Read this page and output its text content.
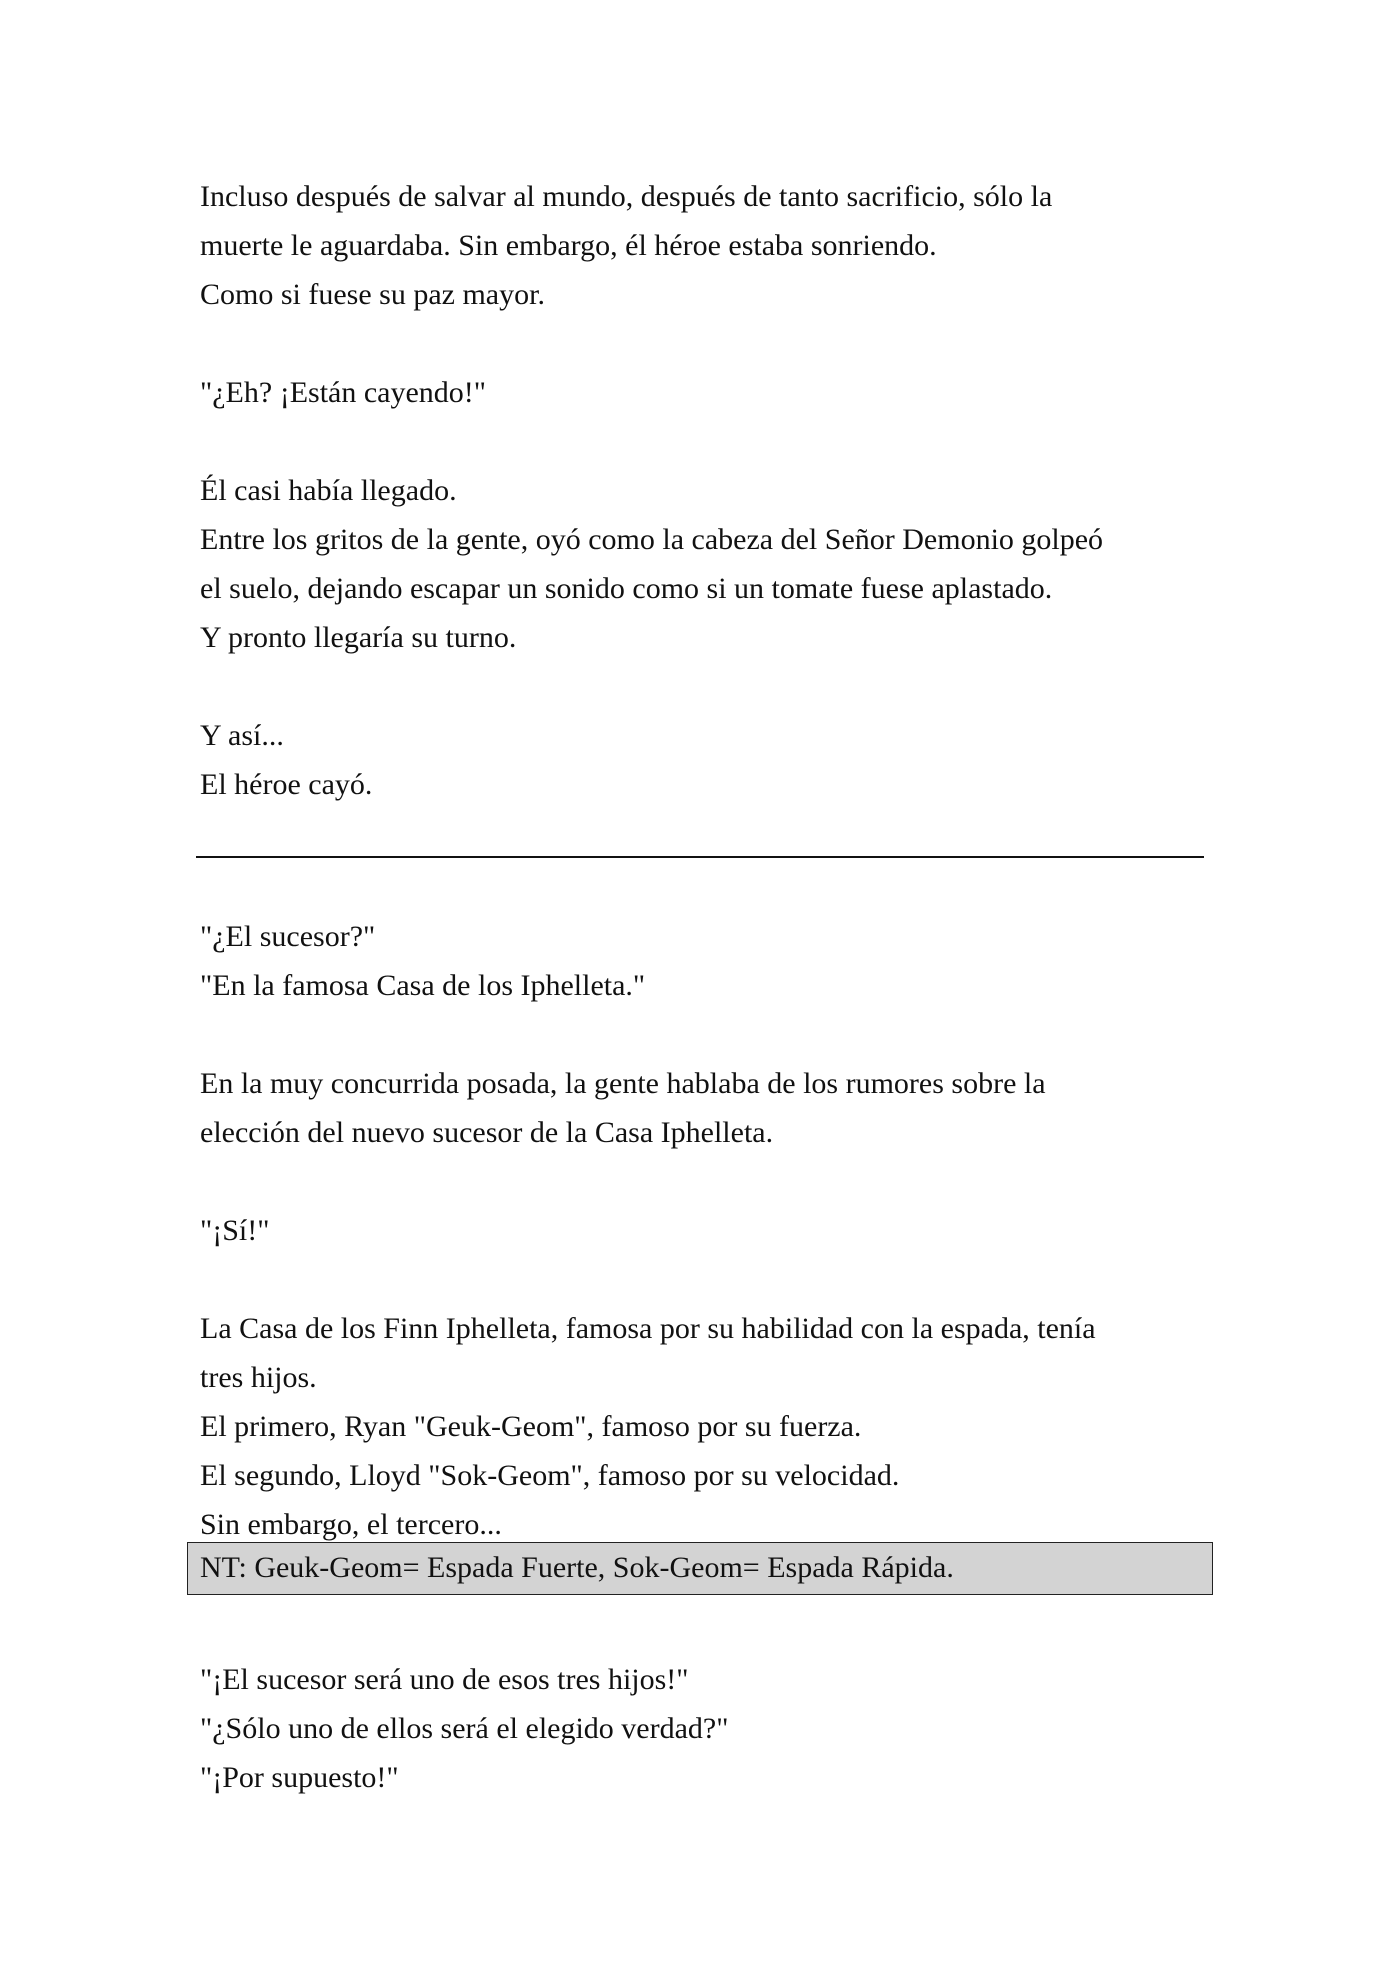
Incluso después de salvar al mundo, después de tanto sacrificio, sólo la
muerte le aguardaba. Sin embargo, él héroe estaba sonriendo.
Como si fuese su paz mayor.
"¿Eh? ¡Están cayendo!"
Él casi había llegado.
Entre los gritos de la gente, oyó como la cabeza del Señor Demonio golpeó
el suelo, dejando escapar un sonido como si un tomate fuese aplastado.
Y pronto llegaría su turno.
Y así...
El héroe cayó.
"¿El sucesor?"
"En la famosa Casa de los Iphelleta."
En la muy concurrida posada, la gente hablaba de los rumores sobre la
elección del nuevo sucesor de la Casa Iphelleta.
"¡Sí!"
La Casa de los Finn Iphelleta, famosa por su habilidad con la espada, tenía
tres hijos.
El primero, Ryan "Geuk-Geom", famoso por su fuerza.
El segundo, Lloyd "Sok-Geom", famoso por su velocidad.
Sin embargo, el tercero...
NT: Geuk-Geom= Espada Fuerte, Sok-Geom= Espada Rápida.
"¡El sucesor será uno de esos tres hijos!"
"¿Sólo uno de ellos será el elegido verdad?"
"¡Por supuesto!"
